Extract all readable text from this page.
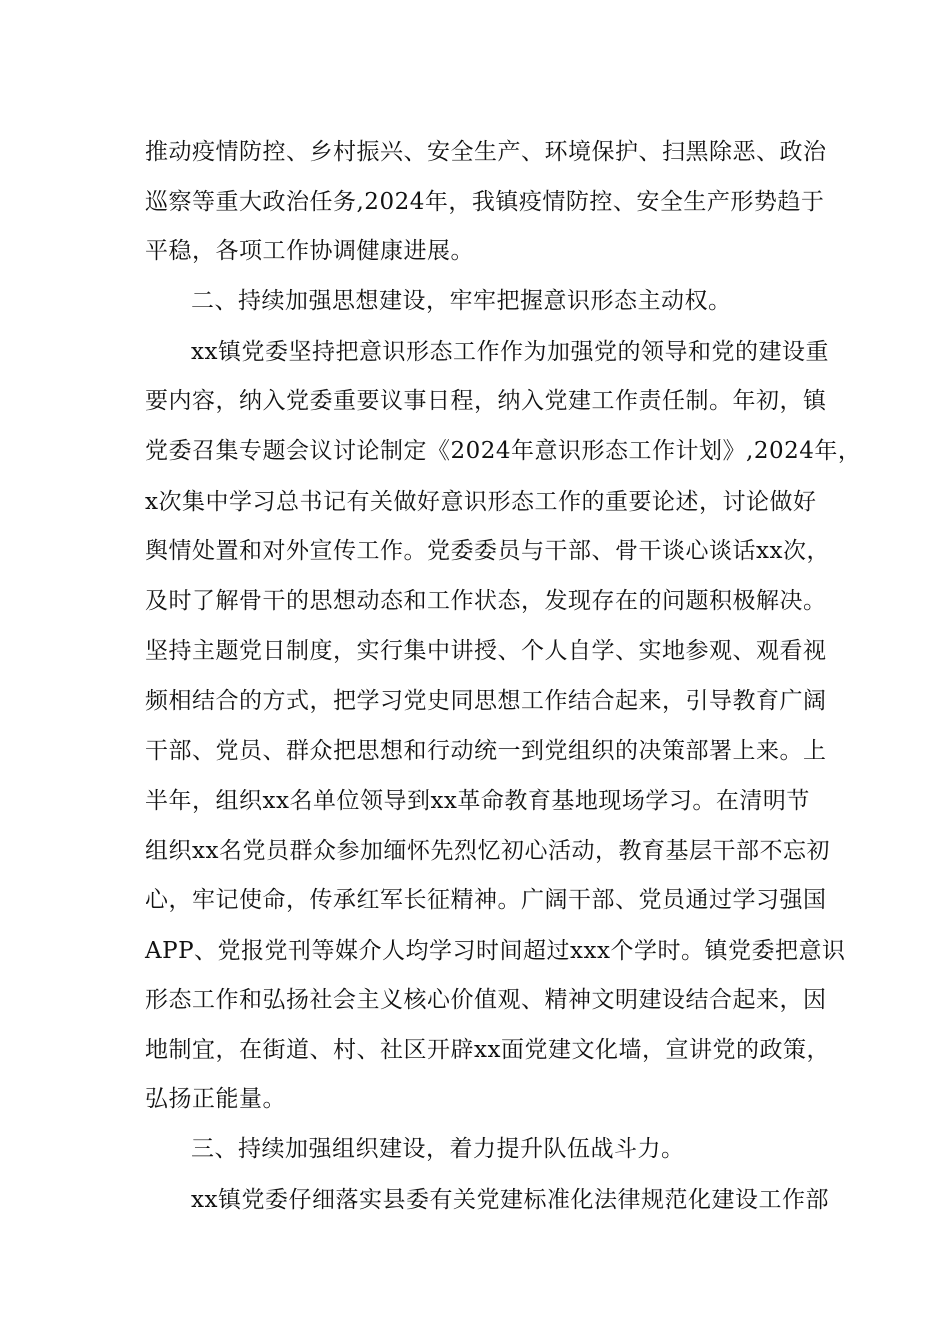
推动疫情防控、乡村振兴、安全生产、环境保护、扫黑除恶、政治
巡察等重大政治任务,2024年，我镇疫情防控、安全生产形势趋于
平稳，各项工作协调健康进展。
二、持续加强思想建设，牢牢把握意识形态主动权。
xx镇党委坚持把意识形态工作作为加强党的领导和党的建设重
要内容，纳入党委重要议事日程，纳入党建工作责任制。年初，镇
党委召集专题会议讨论制定《2024年意识形态工作计划》,2024年，
x次集中学习总书记有关做好意识形态工作的重要论述，讨论做好
舆情处置和对外宣传工作。党委委员与干部、骨干谈心谈话xx次，
及时了解骨干的思想动态和工作状态，发现存在的问题积极解决。
坚持主题党日制度，实行集中讲授、个人自学、实地参观、观看视
频相结合的方式，把学习党史同思想工作结合起来，引导教育广阔
干部、党员、群众把思想和行动统一到党组织的决策部署上来。上
半年，组织xx名单位领导到xx革命教育基地现场学习。在清明节
组织xx名党员群众参加缅怀先烈忆初心活动，教育基层干部不忘初
心，牢记使命，传承红军长征精神。广阔干部、党员通过学习强国
APP、党报党刊等媒介人均学习时间超过xxx个学时。镇党委把意识
形态工作和弘扬社会主义核心价值观、精神文明建设结合起来，因
地制宜，在街道、村、社区开辟xx面党建文化墙，宣讲党的政策，
弘扬正能量。
三、持续加强组织建设，着力提升队伍战斗力。
xx镇党委仔细落实县委有关党建标准化法律规范化建设工作部
